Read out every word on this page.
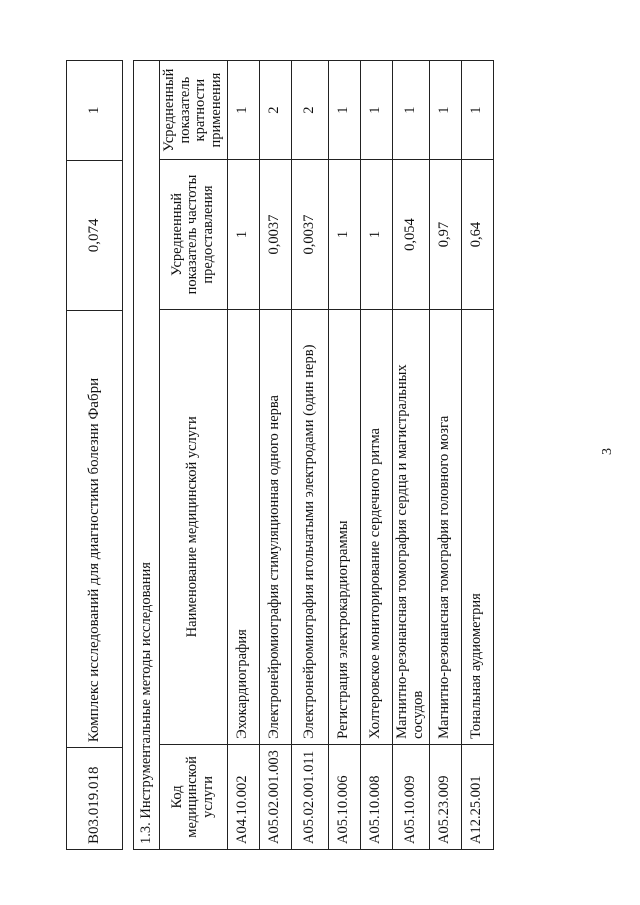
3
B03.019.018	Комплекс исследований для диагностики болезни Фабри	0,074	1
1.3. Инструментальные методы исследования			
Код медицинской услуги	Наименование медицинской услуги	Усредненный показатель частоты предоставления	Усредненный показатель кратности применения
A04.10.002	Эхокардиография	1	1
A05.02.001.003	Электронейромиография стимуляционная одного нерва	0,0037	2
A05.02.001.011	Электронейромиография игольчатыми электродами (один нерв)	0,0037	2
A05.10.006	Регистрация электрокардиограммы	1	1
A05.10.008	Холтеровское мониторирование сердечного ритма	1	1
A05.10.009	Магнитно-резонансная томография сердца и магистральных сосудов	0,054	1
A05.23.009	Магнитно-резонансная томография головного мозга	0,97	1
A12.25.001	Тональная аудиометрия	0,64	1
